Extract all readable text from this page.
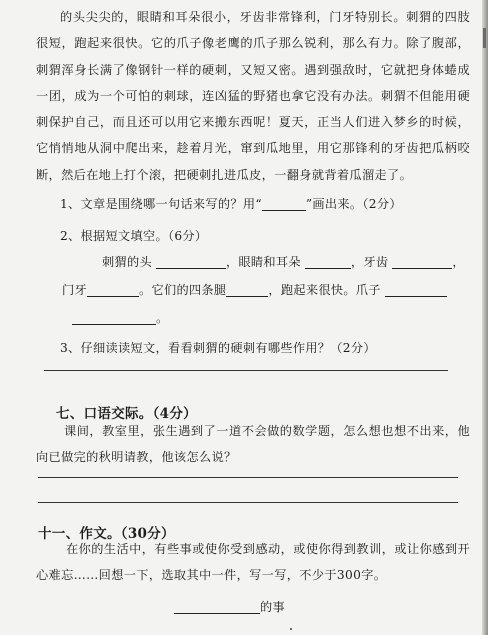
的头尖尖的，眼睛和耳朵很小，牙齿非常锋利，门牙特别长。刺猬的四肢很短，跑起来很快。它的爪子像老鹰的爪子那么锐利，那么有力。除了腹部，刺猬浑身长满了像钢针一样的硬刺，又短又密。遇到强敌时，它就把身体蜷成一团，成为一个可怕的刺球，连凶猛的野猪也拿它没有办法。刺猬不但能用硬刺保护自己，而且还可以用它来搬东西呢！夏天，正当人们进入梦乡的时候，它悄悄地从洞中爬出来，趁着月光，窜到瓜地里，用它那锋利的牙齿把瓜柄咬断，然后在地上打个滚，把硬刺扎进瓜皮，一翻身就背着瓜溜走了。
1、文章是围绕哪一句话来写的？用“	”画出来。（2分）
2、根据短文填空。（6分）
刺猬的头	，眼睛和耳朵	，牙齿	，
门牙	。它们的四条腿	，跑起来很快。爪子
。
3、仔细读读短文，看看刺猬的硬刺有哪些作用？（2分）
七、口语交际。（4分）
课间，教室里，张生遇到了一道不会做的数学题，怎么想也想不出来，他向已做完的秋明请教，他该怎么说？
十一、作文。（30分）
在你的生活中，有些事或使你受到感动，或使你得到教训，或让你感到开心难忘……回想一下，选取其中一件，写一写，不少于300字。
的事
